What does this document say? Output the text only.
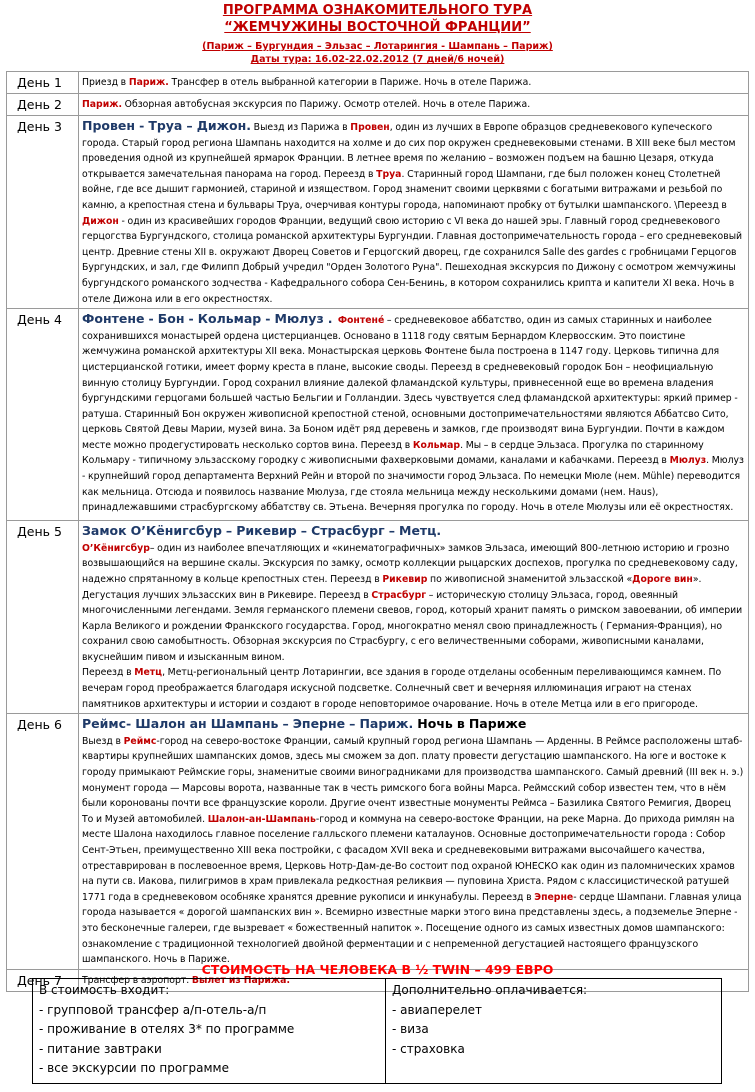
ПРОГРАММА ОЗНАКОМИТЕЛЬНОГО ТУРА
“ЖЕМЧУЖИНЫ ВОСТОЧНОЙ ФРАНЦИИ”
(Париж – Бургундия – Эльзас – Лотарингия - Шампань – Париж)
Даты тура: 16.02-22.02.2012 (7 дней/6 ночей)
День 1	Приезд в Париж. Трансфер в отель выбранной категории в Париже. Ночь в отеле Парижа.

День 2	Париж. Обзорная автобусная экскурсия по Парижу. Осмотр отелей. Ночь в отеле Парижа.

День 3	Провен - Труа – Дижон. Выезд из Парижа в Провен, один из лучших в Европе образцов средневекового купеческого города. Старый город региона Шампань находится на холме и до сих пор окружен средневековыми стенами. В XIII веке был местом проведения одной из крупнейшей ярмарок Франции. В летнее время по желанию – возможен подъем на башню Цезаря, откуда открывается замечательная панорама на город. Переезд в Труа. Старинный город Шампани, где был положен конец Столетней войне, где все дышит гармонией, стариной и изяществом. Город знаменит своими церквями с богатыми витражами и резьбой по камню, а крепостная стена и бульвары Труа, очерчивая контуры города, напоминают пробку от бутылки шампанского. \Переезд в Дижон - один из красивейших городов Франции, ведущий свою историю с VI века до нашей эры. Главный город средневекового герцогства Бургундского, столица романской архитектуры Бургундии. Главная достопримечательность города – его средневековый центр. Древние стены XII в. окружают Дворец Советов и Герцогский дворец, где сохранился Salle des gardes с гробницами Герцогов Бургундских, и зал, где Филипп Добрый учредил "Орден Золотого Руна". Пешеходная экскурсия по Дижону с осмотром жемчужины бургундского романского зодчества - Кафедрального собора Сен-Бенинь, в котором сохранились крипта и капители XI века. Ночь в отеле Дижона или в его окрестностях.

День 4	Фонтене - Бон - Кольмар - Мюлуз . Фонтенé – средневековое аббатство, один из самых старинных и наиболее сохранившихся монастырей ордена цистерцианцев. Основано в 1118 году святым Бернардом Клервосским. Это поистине жемчужина романской архитектуры XII века. Монастырская церковь Фонтене была построена в 1147 году. Церковь типична для цистерцианской готики, имеет форму креста в плане, высокие своды. Переезд в средневековый городок Бон – неофициальную винную столицу Бургундии. Город сохранил влияние далекой фламандской культуры, привнесенной еще во времена владения бургундскими герцогами большей частью Бельгии и Голландии. Здесь чувствуется след фламандской архитектуры: яркий пример - ратуша. Старинный Бон окружен живописной крепостной стеной, основными достопримечательностями являются Аббатсво Сито, церковь Святой Девы Марии, музей вина. За Боном идёт ряд деревень и замков, где производят вина Бургундии. Почти в каждом месте можно продегустировать несколько сортов вина. Переезд в Кольмар. Мы – в сердце Эльзаса. Прогулка по старинному Кольмару - типичному эльзасскому городку с живописными фахверковыми домами, каналами и кабачками. Переезд в Мюлуз. Мюлуз - крупнейший город департамента Верхний Рейн и второй по значимости город Эльзаса. По немецки Мюле (нем. Mühle) переводится как мельница. Отсюда и появилось название Мюлуза, где стояла мельница между несколькими домами (нем. Haus), принадлежавшими страсбургскому аббатству св. Этьена. Вечерняя прогулка по городу. Ночь в отеле Мюлузы или её окрестностях.

День 5	Замок О’Кёнигсбур – Рикевир – Страсбург – Метц.
О’Кёнигсбур– один из наиболее впечатляющих и «кинематографичных» замков Эльзаса, имеющий 800-летнюю историю и грозно возвышающийся на вершине скалы. Экскурсия по замку, осмотр коллекции рыцарских доспехов, прогулка по средневековому саду, надежно спрятанному в кольце крепостных стен. Переезд в Рикевир по живописной знаменитой эльзасской «Дороге вин». Дегустация лучших эльзасских вин в Рикевире. Переезд в Страсбург – историческую столицу Эльзаса, город, овеянный многочисленными легендами. Земля германского племени свевов, город, который хранит память о римском завоевании, об империи Карла Великого и рождении Франкского государства. Город, многократно менял свою принадлежность ( Германия-Франция), но сохранил свою самобытность. Обзорная экскурсия по Страсбургу, с его величественными соборами, живописными каналами, вкуснейшим пивом и изысканным вином.
Переезд в Метц, Метц-региональный центр Лотарингии, все здания в городе отделаны особенным переливающимся камнем. По вечерам город преображается благодаря искусной подсветке. Солнечный свет и вечерняя иллюминация играют на стенах памятников архитектуры и истории и создают в городе неповторимое очарование. Ночь в отеле Метца или в его пригороде.

День 6	Реймс- Шалон ан Шампань – Эперне – Париж. Ночь в Париже
Выезд в Реймс-город на северо-востоке Франции, самый крупный город региона Шампань — Арденны. В Реймсе расположены штаб-квартиры крупнейших шампанских домов, здесь мы сможем за доп. плату провести дегустацию шампанского. На юге и востоке к городу примыкают Реймские горы, знаменитые своими виноградниками для производства шампанского. Самый древний (III век н. э.) монумент города — Марсовы ворота, названные так в честь римского бога войны Марса. Реймсский собор известен тем, что в нём были коронованы почти все французские короли. Другие очент известные монументы Реймса – Базилика Святого Ремигия, Дворец То и Музей автомобилей. Шалон-ан-Шампань-город и коммуна на северо-востоке Франции, на реке Марна. До прихода римлян на месте Шалона находилось главное поселение галльского племени каталаунов. Основные достопримечательности города : Собор Сент-Этьен, преимущественно XIII века постройки, с фасадом XVII века и средневековыми витражами высочайшего качества, отреставрирован в послевоенное время, Церковь Нотр-Дам-де-Во состоит под охраной ЮНЕСКО как один из паломнических храмов на пути св. Иакова, пилигримов в храм привлекала редкостная реликвия — пуповина Христа. Рядом с классицистической ратушей 1771 года в средневековом особняке хранятся древние рукописи и инкунабулы. Переезд в Эперне- сердце Шампани. Главная улица города называется « дорогой шампанских вин ». Всемирно известные марки этого вина представлены здесь, а подземелье Эперне - это бесконечные галереи, где вызревает « божественный напиток ». Посещение одного из самых известных домов шампанского: ознакомление с традиционной технологией двойной ферментации и с непременной дегустацией настоящего французского шампанского. Ночь в Париже.

День 7	Трансфер в аэропорт. Вылет из Парижа.
СТОИМОСТЬ НА ЧЕЛОВЕКА В ½ TWIN – 499 ЕВРО
В стоимость входит:
- групповой трансфер а/п-отель-а/п
- проживание в отелях 3* по программе
- питание завтраки
- все экскурсии по программе

Дополнительно оплачивается:
- авиаперелет
- виза
- страховка
